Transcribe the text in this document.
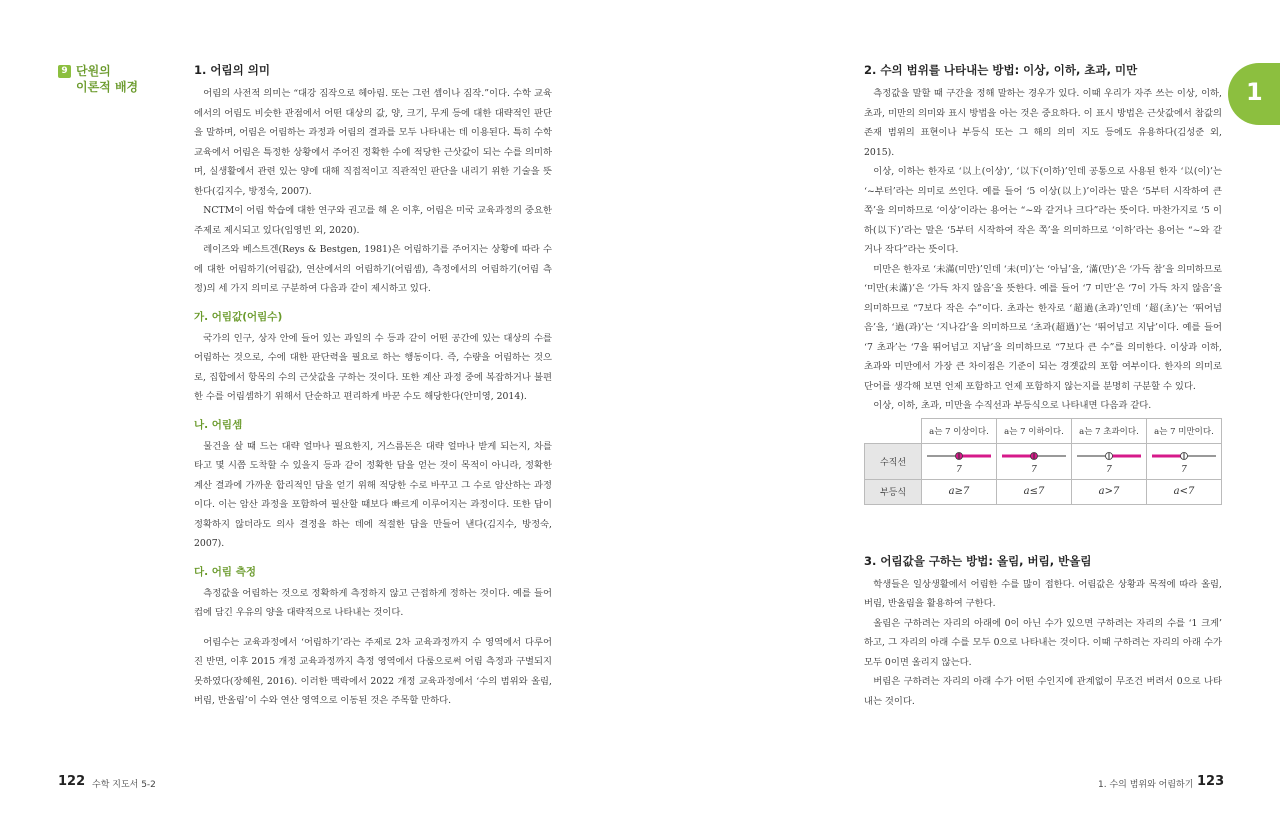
9 단원의
이론적 배경
1. 어림의 의미

어림의 사전적 의미는 “대강 짐작으로 헤아림. 또는 그런 셈이나 짐작.”이다. 수학 교육에서의 어림도 비슷한 관점에서 어떤 대상의 값, 양, 크기, 무게 등에 대한 대략적인 판단을 말하며, 어림은 어림하는 과정과 어림의 결과를 모두 나타내는 데 이용된다. 특히 수학 교육에서 어림은 특정한 상황에서 주어진 정확한 수에 적당한 근삿값이 되는 수를 의미하며, 실생활에서 관련 있는 양에 대해 직접적이고 직관적인 판단을 내리기 위한 기술을 뜻한다(김지수, 방정숙, 2007).

NCTM이 어림 학습에 대한 연구와 권고를 해 온 이후, 어림은 미국 교육과정의 중요한 주제로 제시되고 있다(임영빈 외, 2020).

레이즈와 베스트겐(Reys & Bestgen, 1981)은 어림하기를 주어지는 상황에 따라 수에 대한 어림하기(어림값), 연산에서의 어림하기(어림셈), 측정에서의 어림하기(어림 측정)의 세 가지 의미로 구분하여 다음과 같이 제시하고 있다.

가. 어림값(어림수)

국가의 인구, 상자 안에 들어 있는 과일의 수 등과 같이 어떤 공간에 있는 대상의 수를 어림하는 것으로, 수에 대한 판단력을 필요로 하는 행동이다. 즉, 수량을 어림하는 것으로, 집합에서 항목의 수의 근삿값을 구하는 것이다. 또한 계산 과정 중에 복잡하거나 불편한 수를 어림셈하기 위해서 단순하고 편리하게 바꾼 수도 해당한다(안미영, 2014).

나. 어림셈

물건을 살 때 드는 대략 얼마나 필요한지, 거스름돈은 대략 얼마나 받게 되는지, 차를 타고 몇 시쯤 도착할 수 있을지 등과 같이 정확한 답을 얻는 것이 목적이 아니라, 정확한 계산 결과에 가까운 합리적인 답을 얻기 위해 적당한 수로 바꾸고 그 수로 암산하는 과정이다. 이는 암산 과정을 포함하여 필산할 때보다 빠르게 이루어지는 과정이다. 또한 답이 정확하지 않더라도 의사 결정을 하는 데에 적절한 답을 만들어 낸다(김지수, 방정숙, 2007).

다. 어림 측정

측정값을 어림하는 것으로 정확하게 측정하지 않고 근접하게 정하는 것이다. 예를 들어 컵에 담긴 우유의 양을 대략적으로 나타내는 것이다.

어림수는 교육과정에서 ‘어림하기’라는 주제로 2차 교육과정까지 수 영역에서 다루어진 반면, 이후 2015 개정 교육과정까지 측정 영역에서 다룸으로써 어림 측정과 구별되지 못하였다(장혜원, 2016). 이러한 맥락에서 2022 개정 교육과정에서 ‘수의 범위와 올림, 버림, 반올림’이 수와 연산 영역으로 이동된 것은 주목할 만하다.

1
2. 수의 범위를 나타내는 방법: 이상, 이하, 초과, 미만

측정값을 말할 때 구간을 정해 말하는 경우가 있다. 이때 우리가 자주 쓰는 이상, 이하, 초과, 미만의 의미와 표시 방법을 아는 것은 중요하다. 이 표시 방법은 근삿값에서 참값의 존재 범위의 표현이나 부등식 또는 그 해의 의미 지도 등에도 유용하다(김성준 외, 2015).

이상, 이하는 한자로 ‘以上(이상)’, ‘以下(이하)’인데 공통으로 사용된 한자 ‘以(이)’는 ‘~부터’라는 의미로 쓰인다. 예를 들어 ‘5 이상(以上)’이라는 말은 ‘5부터 시작하여 큰 쪽’을 의미하므로 ‘이상’이라는 용어는 “~와 같거나 크다”라는 뜻이다. 마찬가지로 ‘5 이하(以下)’라는 말은 ‘5부터 시작하여 작은 쪽’을 의미하므로 ‘이하’라는 용어는 “~와 같거나 작다”라는 뜻이다.

미만은 한자로 ‘未滿(미만)’인데 ‘未(미)’는 ‘아님’을, ‘滿(만)’은 ‘가득 참’을 의미하므로 ‘미만(未滿)’은 ‘가득 차지 않음’을 뜻한다. 예를 들어 ‘7 미만’은 ‘7이 가득 차지 않음’을 의미하므로 “7보다 작은 수”이다. 초과는 한자로 ‘超過(초과)’인데 ‘超(초)’는 ‘뛰어넘음’을, ‘過(과)’는 ‘지나감’을 의미하므로 ‘초과(超過)’는 ‘뛰어넘고 지남’이다. 예를 들어 ‘7 초과’는 ‘7을 뛰어넘고 지남’을 의미하므로 “7보다 큰 수”를 의미한다. 이상과 이하, 초과와 미만에서 가장 큰 차이점은 기준이 되는 경곗값의 포함 여부이다. 한자의 의미로 단어를 생각해 보면 언제 포함하고 언제 포함하지 않는지를 분명히 구분할 수 있다.

이상, 이하, 초과, 미만을 수직선과 부등식으로 나타내면 다음과 같다.

	a는 7 이상이다.	a는 7 이하이다.	a는 7 초과이다.	a는 7 미만이다.
수직선	7	7	7	7

부등식	a≥7	a≤7	a>7	a<7
3. 어림값을 구하는 방법: 올림, 버림, 반올림

학생들은 일상생활에서 어림한 수를 많이 접한다. 어림값은 상황과 목적에 따라 올림, 버림, 반올림을 활용하여 구한다.

올림은 구하려는 자리의 아래에 0이 아닌 수가 있으면 구하려는 자리의 수를 ‘1 크게’ 하고, 그 자리의 아래 수를 모두 0으로 나타내는 것이다. 이때 구하려는 자리의 아래 수가 모두 0이면 올리지 않는다.

버림은 구하려는 자리의 아래 수가 어떤 수인지에 관계없이 무조건 버려서 0으로 나타내는 것이다.

122 수학 지도서 5-2	1. 수의 범위와 어림하기 123
